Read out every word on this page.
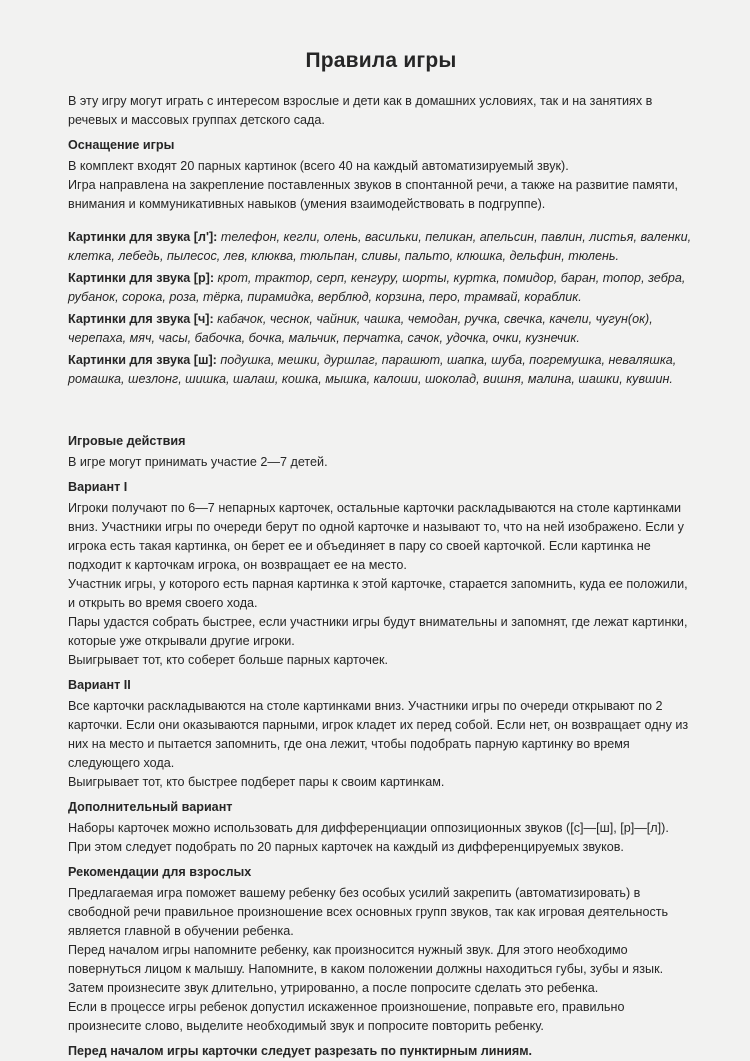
Правила игры

В эту игру могут играть с интересом взрослые и дети как в домашних условиях, так и на занятиях в речевых и массовых группах детского сада.

Оснащение игры

В комплект входят 20 парных картинок (всего 40 на каждый автоматизируемый звук).

Игра направлена на закрепление поставленных звуков в спонтанной речи, а также на развитие памяти, внимания и коммуникативных навыков (умения взаимодействовать в подгруппе).

Картинки для звука [л']: телефон, кегли, олень, васильки, пеликан, апельсин, павлин, листья, валенки, клетка, лебедь, пылесос, лев, клюква, тюльпан, сливы, пальто, клюшка, дельфин, тюлень.

Картинки для звука [р]: крот, трактор, серп, кенгуру, шорты, куртка, помидор, баран, топор, зебра, рубанок, сорока, роза, тёрка, пирамидка, верблюд, корзина, перо, трамвай, кораблик.

Картинки для звука [ч]: кабачок, чеснок, чайник, чашка, чемодан, ручка, свечка, качели, чугун(ок), черепаха, мяч, часы, бабочка, бочка, мальчик, перчатка, сачок, удочка, очки, кузнечик.

Картинки для звука [ш]: подушка, мешки, дуршлаг, парашют, шапка, шуба, погремушка, неваляшка, ромашка, шезлонг, шишка, шалаш, кошка, мышка, калоши, шоколад, вишня, малина, шашки, кувшин.

Игровые действия

В игре могут принимать участие 2—7 детей.

Вариант I

Игроки получают по 6—7 непарных карточек, остальные карточки раскладываются на столе картинками вниз. Участники игры по очереди берут по одной карточке и называют то, что на ней изображено. Если у игрока есть такая картинка, он берет ее и объединяет в пару со своей карточкой. Если картинка не подходит к карточкам игрока, он возвращает ее на место.

Участник игры, у которого есть парная картинка к этой карточке, старается запомнить, куда ее положили, и открыть во время своего хода.

Пары удастся собрать быстрее, если участники игры будут внимательны и запомнят, где лежат картинки, которые уже открывали другие игроки.

Выигрывает тот, кто соберет больше парных карточек.

Вариант II

Все карточки раскладываются на столе картинками вниз. Участники игры по очереди открывают по 2 карточки. Если они оказываются парными, игрок кладет их перед собой. Если нет, он возвращает одну из них на место и пытается запомнить, где она лежит, чтобы подобрать парную картинку во время следующего хода.

Выигрывает тот, кто быстрее подберет пары к своим картинкам.

Дополнительный вариант

Наборы карточек можно использовать для дифференциации оппозиционных звуков ([с]—[ш], [р]—[л]). При этом следует подобрать по 20 парных карточек на каждый из дифференцируемых звуков.

Рекомендации для взрослых

Предлагаемая игра поможет вашему ребенку без особых усилий закрепить (автоматизировать) в свободной речи правильное произношение всех основных групп звуков, так как игровая деятельность является главной в обучении ребенка.

Перед началом игры напомните ребенку, как произносится нужный звук. Для этого необходимо повернуться лицом к малышу. Напомните, в каком положении должны находиться губы, зубы и язык. Затем произнесите звук длительно, утрированно, а после попросите сделать это ребенка.

Если в процессе игры ребенок допустил искаженное произношение, поправьте его, правильно произнесите слово, выделите необходимый звук и попросите повторить ребенку.

Перед началом игры карточки следует разрезать по пунктирным линиям.
